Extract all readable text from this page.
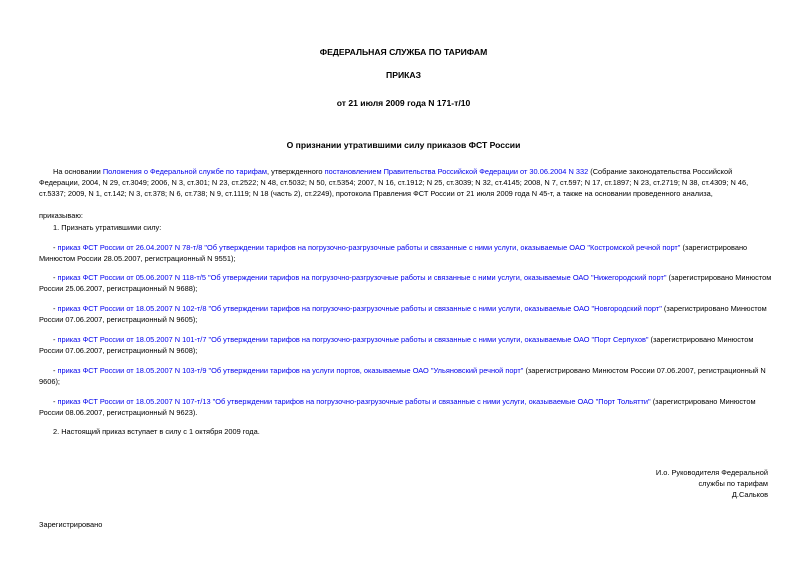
ФЕДЕРАЛЬНАЯ СЛУЖБА ПО ТАРИФАМ
ПРИКАЗ
от 21 июля 2009 года N 171-т/10
О признании утратившими силу приказов ФСТ России

На основании Положения о Федеральной службе по тарифам, утвержденного постановлением Правительства Российской Федерации от 30.06.2004 N 332 (Собрание законодательства Российской Федерации, 2004, N 29, ст.3049; 2006, N 3, ст.301; N 23, ст.2522; N 48, ст.5032; N 50, ст.5354; 2007, N 16, ст.1912; N 25, ст.3039; N 32, ст.4145; 2008, N 7, ст.597; N 17, ст.1897; N 23, ст.2719; N 38, ст.4309; N 46, ст.5337; 2009, N 1, ст.142; N 3, ст.378; N 6, ст.738; N 9, ст.1119; N 18 (часть 2), ст.2249), протокола Правления ФСТ России от 21 июля 2009 года N 45-т, а также на основании проведенного анализа,

приказываю:

1. Признать утратившими силу:

- приказ ФСТ России от 26.04.2007 N 78-т/8 "Об утверждении тарифов на погрузочно-разгрузочные работы и связанные с ними услуги, оказываемые ОАО "Костромской речной порт" (зарегистрировано Минюстом России 28.05.2007, регистрационный N 9551);

- приказ ФСТ России от 05.06.2007 N 118-т/5 "Об утверждении тарифов на погрузочно-разгрузочные работы и связанные с ними услуги, оказываемые ОАО "Нижегородский порт" (зарегистрировано Минюстом России 25.06.2007, регистрационный N 9688);

- приказ ФСТ России от 18.05.2007 N 102-т/8 "Об утверждении тарифов на погрузочно-разгрузочные работы и связанные с ними услуги, оказываемые ОАО "Новгородский порт" (зарегистрировано Минюстом России 07.06.2007, регистрационный N 9605);

- приказ ФСТ России от 18.05.2007 N 101-т/7 "Об утверждении тарифов на погрузочно-разгрузочные работы и связанные с ними услуги, оказываемые ОАО "Порт Серпухов" (зарегистрировано Минюстом России 07.06.2007, регистрационный N 9608);

- приказ ФСТ России от 18.05.2007 N 103-т/9 "Об утверждении тарифов на услуги портов, оказываемые ОАО "Ульяновский речной порт" (зарегистрировано Минюстом России 07.06.2007, регистрационный N 9606);

- приказ ФСТ России от 18.05.2007 N 107-т/13 "Об утверждении тарифов на погрузочно-разгрузочные работы и связанные с ними услуги, оказываемые ОАО "Порт Тольятти" (зарегистрировано Минюстом России 08.06.2007, регистрационный N 9623).

2. Настоящий приказ вступает в силу с 1 октября 2009 года.

И.о. Руководителя Федеральной
службы по тарифам
Д.Сальков
Зарегистрировано
